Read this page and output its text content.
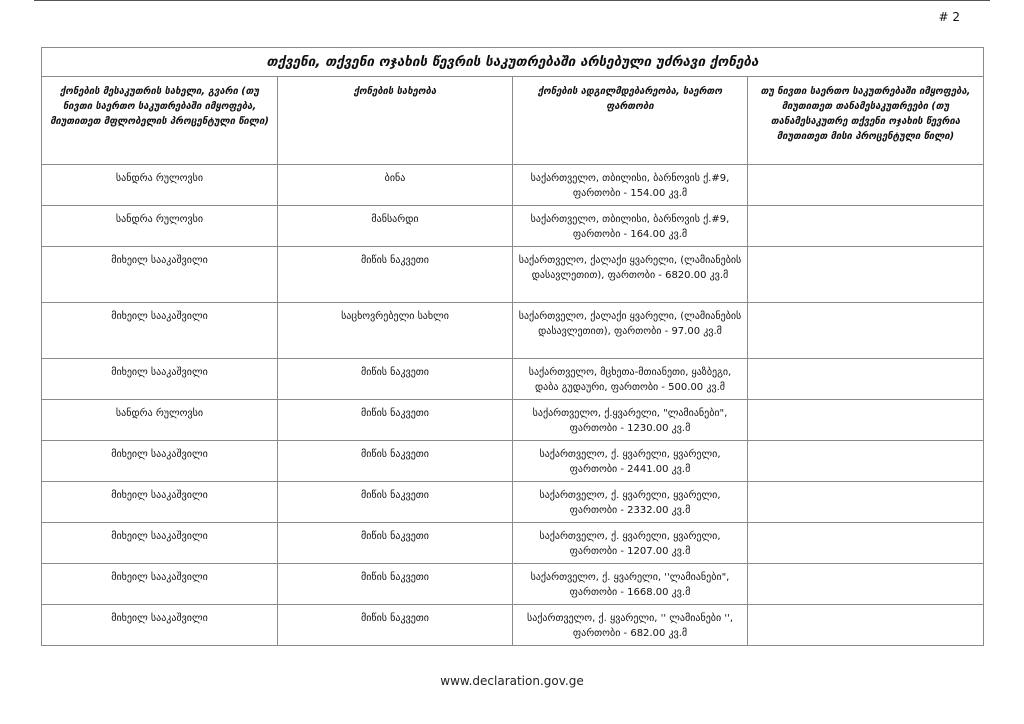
# 2
თქვენი, თქვენი ოჯახის წევრის საკუთრებაში არსებული უძრავი ქონება			
ქონების მესაკუთრის სახელი, გვარი (თუ ნივთი საერთო საკუთრებაში იმყოფება, მიუთითეთ მფლობელის პროცენტული წილი)	ქონების სახეობა	ქონების ადგილმდებარეობა, საერთო ფართობი	თუ ნივთი საერთო საკუთრებაში იმყოფება, მიუთითეთ თანამესაკუთრეები (თუ თანამესაკუთრე თქვენი ოჯახის წევრია მიუთითეთ მისი პროცენტული წილი)
სანდრა რულოვსი	ბინა	საქართველო, თბილისი, ბარნოვის ქ.#9, ფართობი - 154.00 კვ.მ	
სანდრა რულოვსი	მანსარდი	საქართველო, თბილისი, ბარნოვის ქ.#9, ფართობი - 164.00 კვ.მ	
მიხეილ სააკაშვილი	მიწის ნაკვეთი	საქართველო, ქალაქი ყვარელი, (ლამიანების დასავლეთით), ფართობი - 6820.00 კვ.მ	
მიხეილ სააკაშვილი	საცხოვრებელი სახლი	საქართველო, ქალაქი ყვარელი, (ლამიანების დასავლეთით), ფართობი - 97.00 კვ.მ	
მიხეილ სააკაშვილი	მიწის ნაკვეთი	საქართველო, მცხეთა-მთიანეთი, ყაზბეგი, დაბა გუდაური, ფართობი - 500.00 კვ.მ	
სანდრა რულოვსი	მიწის ნაკვეთი	საქართველო, ქ.ყვარელი, "ლამიანები", ფართობი - 1230.00 კვ.მ	
მიხეილ სააკაშვილი	მიწის ნაკვეთი	საქართველო, ქ. ყვარელი, ყვარელი, ფართობი - 2441.00 კვ.მ	
მიხეილ სააკაშვილი	მიწის ნაკვეთი	საქართველო, ქ. ყვარელი, ყვარელი, ფართობი - 2332.00 კვ.მ	
მიხეილ სააკაშვილი	მიწის ნაკვეთი	საქართველო, ქ. ყვარელი, ყვარელი, ფართობი - 1207.00 კვ.მ	
მიხეილ სააკაშვილი	მიწის ნაკვეთი	საქართველო, ქ. ყვარელი, ''ლამიანები", ფართობი - 1668.00 კვ.მ	
მიხეილ სააკაშვილი	მიწის ნაკვეთი	საქართველო, ქ. ყვარელი, '' ლამიანები '', ფართობი - 682.00 კვ.მ	
www.declaration.gov.ge
